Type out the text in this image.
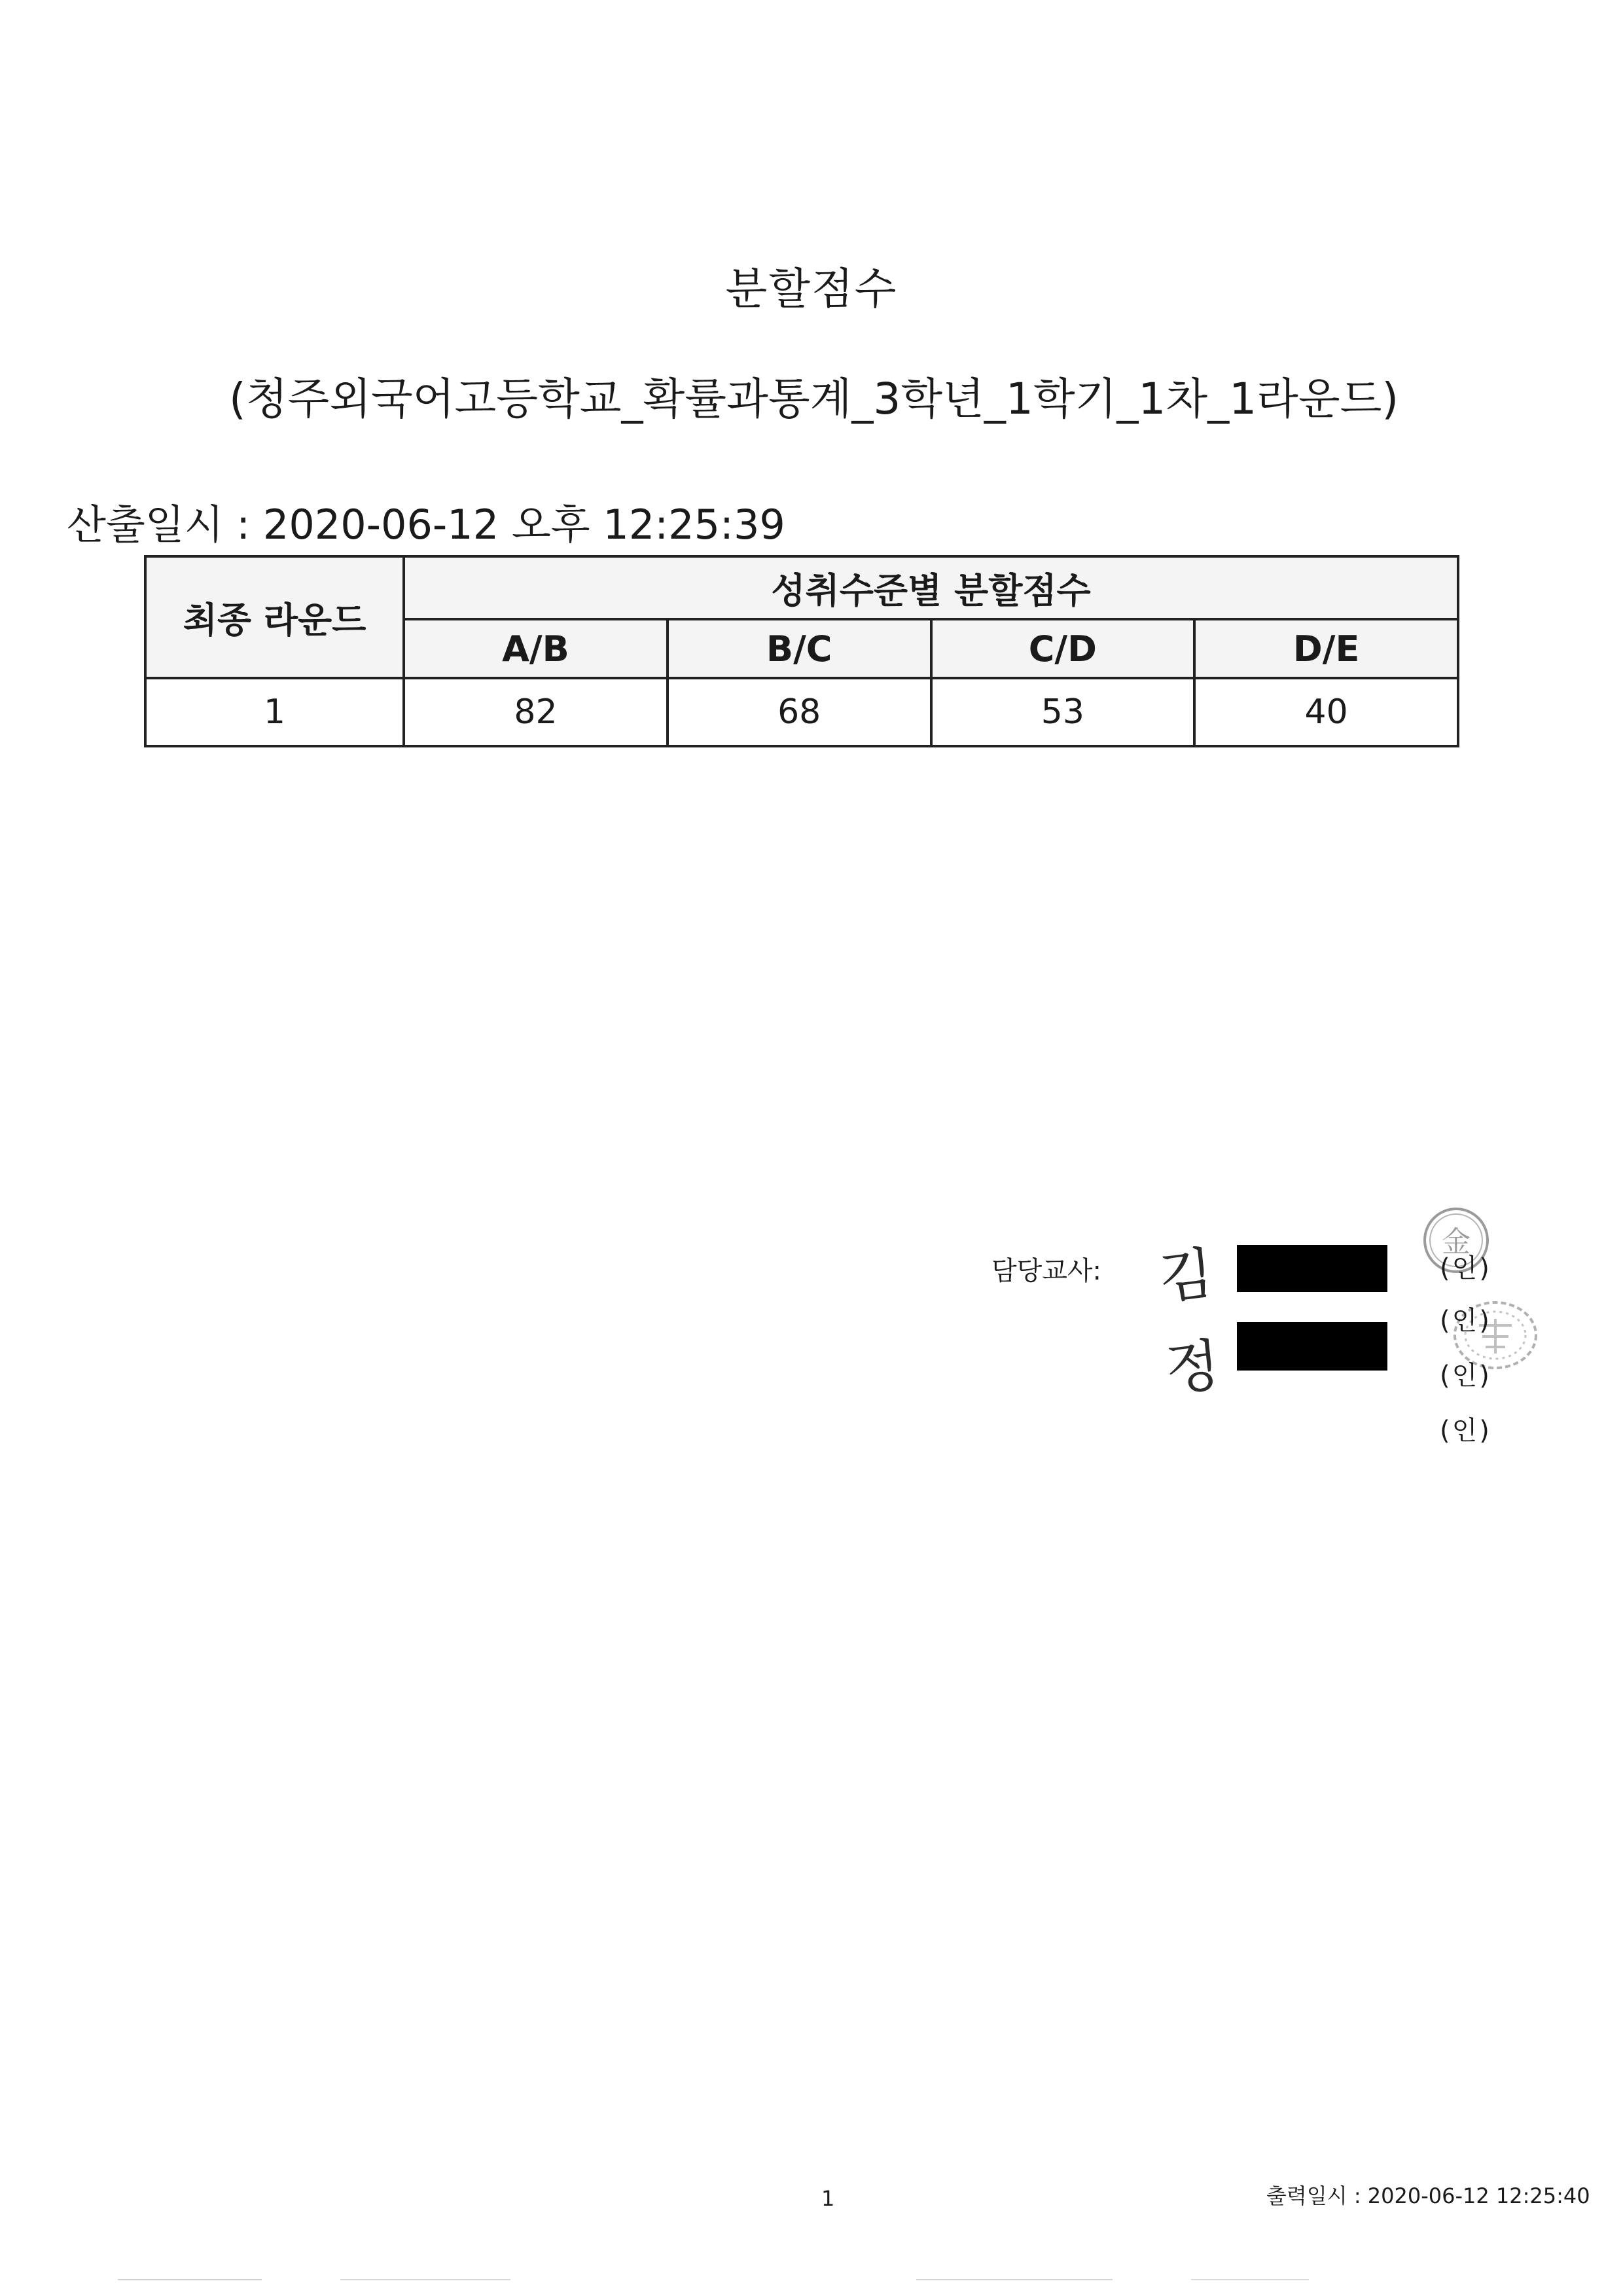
분할점수
(청주외국어고등학교_확률과통계_3학년_1학기_1차_1라운드)
산출일시 : 2020-06-12 오후 12:25:39
최종 라운드	성취수준별 분할점수			
	A/B	B/C	C/D	D/E
1	82	68	53	40
담당교사: 김
정
金
(인)
(인)
(인)
(인)
1	출력일시 : 2020-06-12 12:25:40
